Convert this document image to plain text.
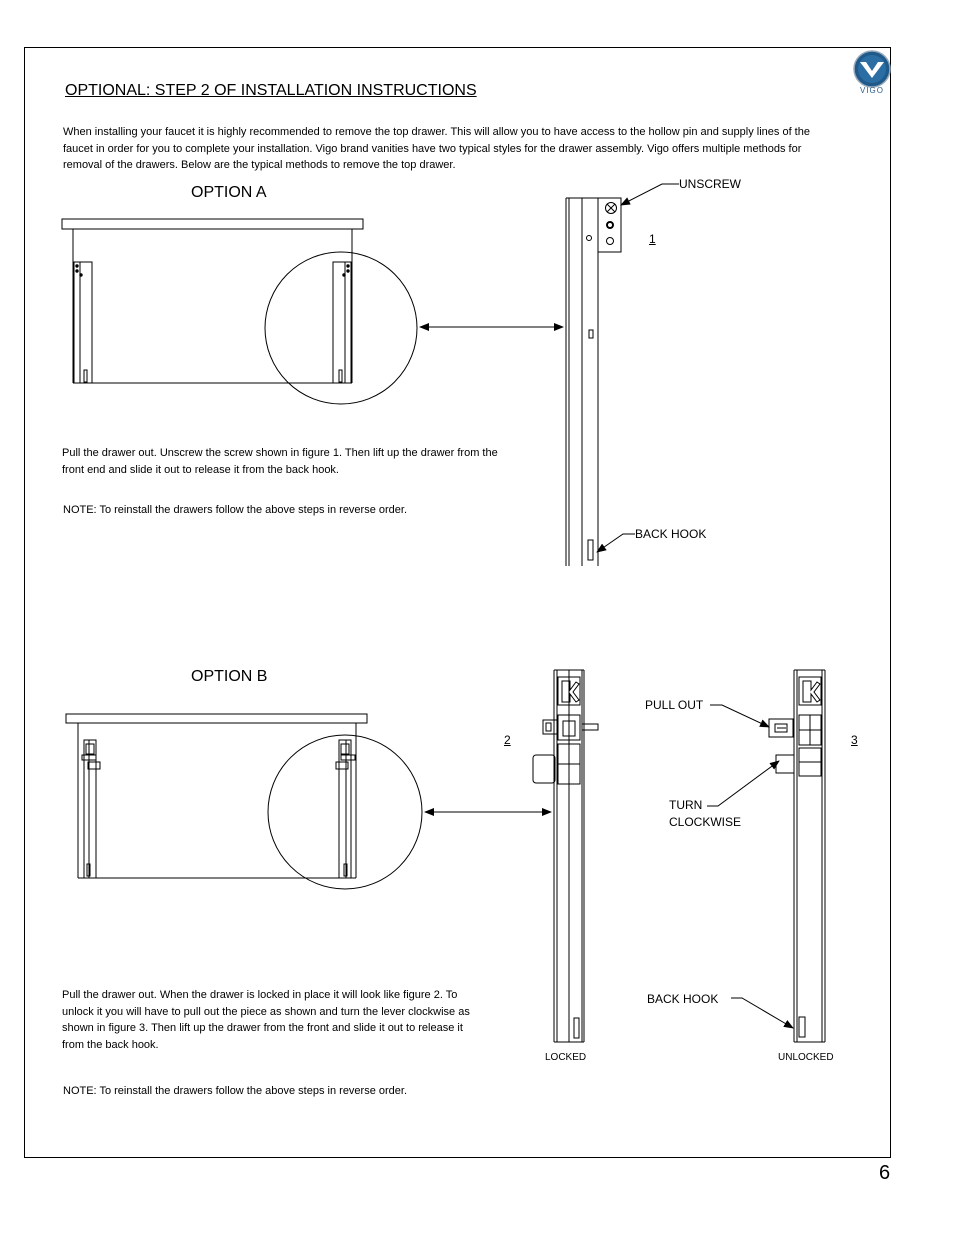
VIGO
OPTIONAL: STEP 2 OF INSTALLATION INSTRUCTIONS
When installing your faucet it is highly recommended to remove the top drawer. This will allow you to have access to the hollow pin and supply lines of the
faucet in order for you to complete your installation. Vigo brand vanities have two typical styles for the drawer assembly. Vigo offers multiple methods for
removal of the drawers. Below are the typical methods to remove the top drawer.
OPTION A	UNSCREW
1
BACK HOOK
Pull the drawer out. Unscrew the screw shown in figure 1. Then lift up the drawer from the
front end and slide it out to release it from the back hook.
NOTE: To reinstall the drawers follow the above steps in reverse order.
OPTION B
PULL OUT
2	3
TURN
CLOCKWISE
BACK HOOK
LOCKED	UNLOCKED
Pull the drawer out. When the drawer is locked in place it will look like figure 2. To
unlock it you will have to pull out the piece as shown and turn the lever clockwise as
shown in figure 3. Then lift up the drawer from the front and slide it out to release it
from the back hook.
NOTE: To reinstall the drawers follow the above steps in reverse order.
6
